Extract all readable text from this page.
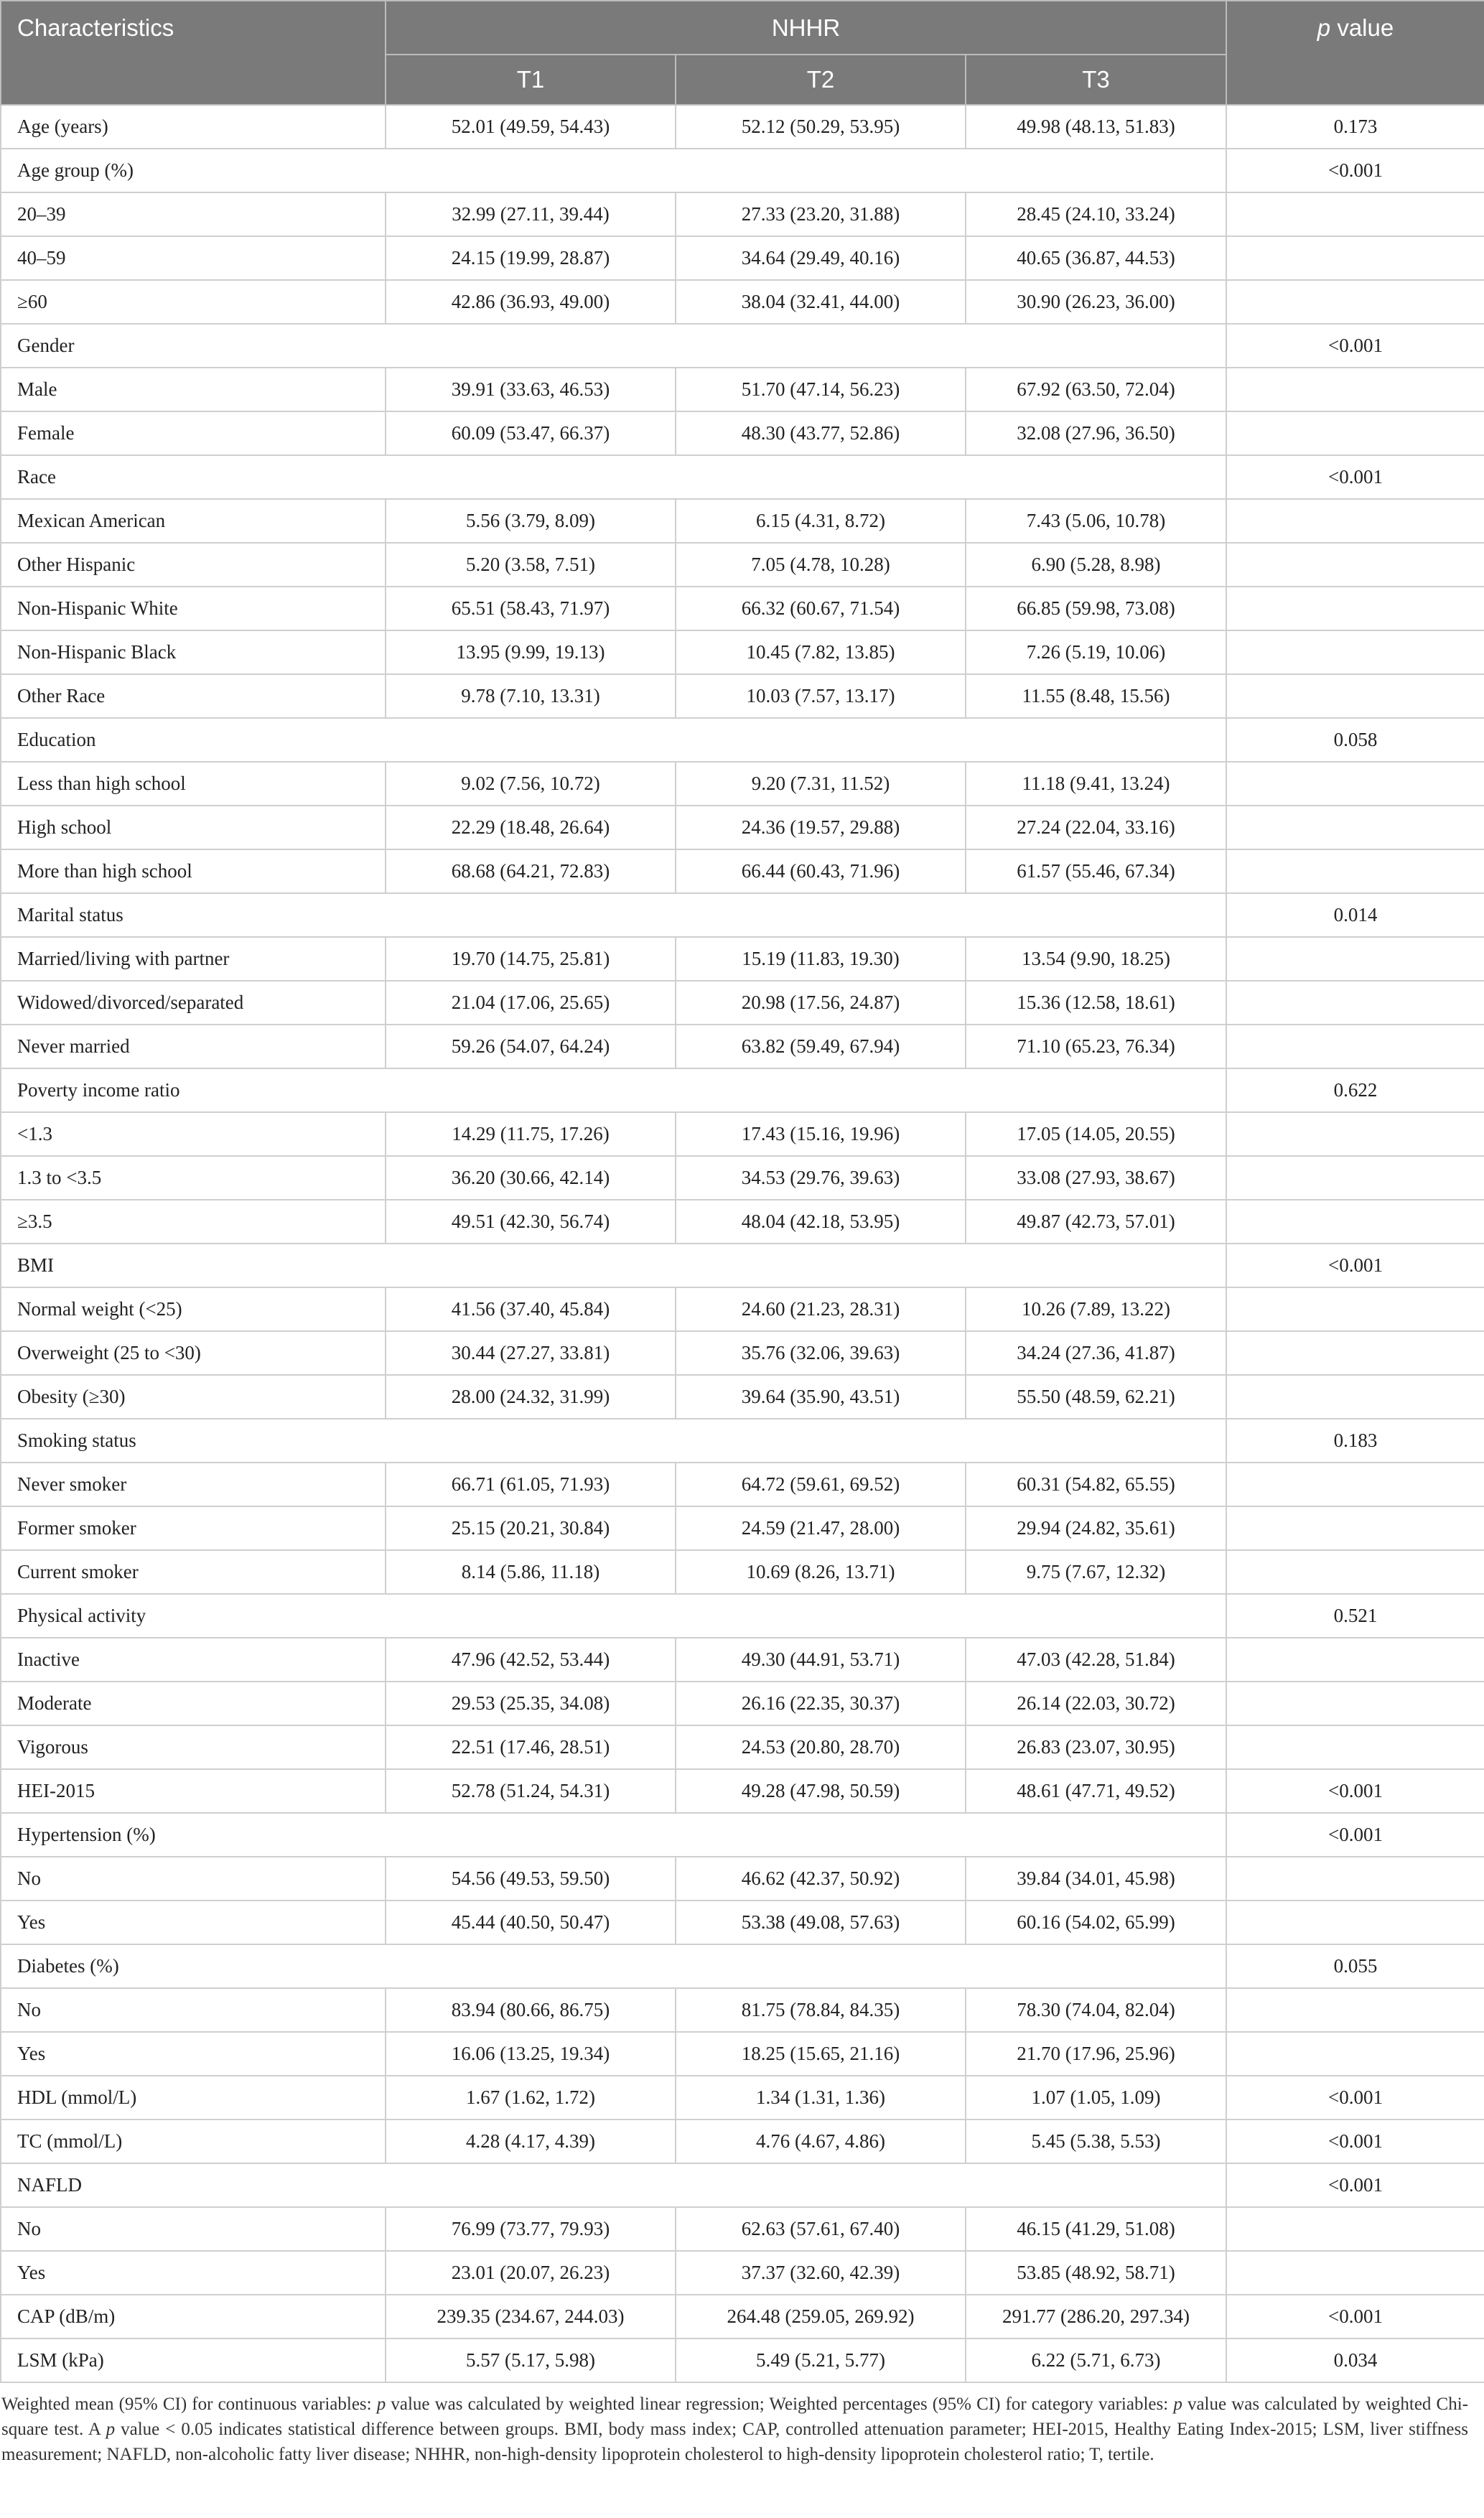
Characteristics	NHHR			p value
	T1	T2	T3	
Age (years)	52.01 (49.59, 54.43)	52.12 (50.29, 53.95)	49.98 (48.13, 51.83)	0.173
Age group (%)				<0.001
20–39	32.99 (27.11, 39.44)	27.33 (23.20, 31.88)	28.45 (24.10, 33.24)	
40–59	24.15 (19.99, 28.87)	34.64 (29.49, 40.16)	40.65 (36.87, 44.53)	
≥60	42.86 (36.93, 49.00)	38.04 (32.41, 44.00)	30.90 (26.23, 36.00)	
Gender				<0.001
Male	39.91 (33.63, 46.53)	51.70 (47.14, 56.23)	67.92 (63.50, 72.04)	
Female	60.09 (53.47, 66.37)	48.30 (43.77, 52.86)	32.08 (27.96, 36.50)	
Race				<0.001
Mexican American	5.56 (3.79, 8.09)	6.15 (4.31, 8.72)	7.43 (5.06, 10.78)	
Other Hispanic	5.20 (3.58, 7.51)	7.05 (4.78, 10.28)	6.90 (5.28, 8.98)	
Non-Hispanic White	65.51 (58.43, 71.97)	66.32 (60.67, 71.54)	66.85 (59.98, 73.08)	
Non-Hispanic Black	13.95 (9.99, 19.13)	10.45 (7.82, 13.85)	7.26 (5.19, 10.06)	
Other Race	9.78 (7.10, 13.31)	10.03 (7.57, 13.17)	11.55 (8.48, 15.56)	
Education				0.058
Less than high school	9.02 (7.56, 10.72)	9.20 (7.31, 11.52)	11.18 (9.41, 13.24)	
High school	22.29 (18.48, 26.64)	24.36 (19.57, 29.88)	27.24 (22.04, 33.16)	
More than high school	68.68 (64.21, 72.83)	66.44 (60.43, 71.96)	61.57 (55.46, 67.34)	
Marital status				0.014
Married/living with partner	19.70 (14.75, 25.81)	15.19 (11.83, 19.30)	13.54 (9.90, 18.25)	
Widowed/divorced/separated	21.04 (17.06, 25.65)	20.98 (17.56, 24.87)	15.36 (12.58, 18.61)	
Never married	59.26 (54.07, 64.24)	63.82 (59.49, 67.94)	71.10 (65.23, 76.34)	
Poverty income ratio				0.622
<1.3	14.29 (11.75, 17.26)	17.43 (15.16, 19.96)	17.05 (14.05, 20.55)	
1.3 to <3.5	36.20 (30.66, 42.14)	34.53 (29.76, 39.63)	33.08 (27.93, 38.67)	
≥3.5	49.51 (42.30, 56.74)	48.04 (42.18, 53.95)	49.87 (42.73, 57.01)	
BMI				<0.001
Normal weight (<25)	41.56 (37.40, 45.84)	24.60 (21.23, 28.31)	10.26 (7.89, 13.22)	
Overweight (25 to <30)	30.44 (27.27, 33.81)	35.76 (32.06, 39.63)	34.24 (27.36, 41.87)	
Obesity (≥30)	28.00 (24.32, 31.99)	39.64 (35.90, 43.51)	55.50 (48.59, 62.21)	
Smoking status				0.183
Never smoker	66.71 (61.05, 71.93)	64.72 (59.61, 69.52)	60.31 (54.82, 65.55)	
Former smoker	25.15 (20.21, 30.84)	24.59 (21.47, 28.00)	29.94 (24.82, 35.61)	
Current smoker	8.14 (5.86, 11.18)	10.69 (8.26, 13.71)	9.75 (7.67, 12.32)	
Physical activity				0.521
Inactive	47.96 (42.52, 53.44)	49.30 (44.91, 53.71)	47.03 (42.28, 51.84)	
Moderate	29.53 (25.35, 34.08)	26.16 (22.35, 30.37)	26.14 (22.03, 30.72)	
Vigorous	22.51 (17.46, 28.51)	24.53 (20.80, 28.70)	26.83 (23.07, 30.95)	
HEI-2015	52.78 (51.24, 54.31)	49.28 (47.98, 50.59)	48.61 (47.71, 49.52)	<0.001
Hypertension (%)				<0.001
No	54.56 (49.53, 59.50)	46.62 (42.37, 50.92)	39.84 (34.01, 45.98)	
Yes	45.44 (40.50, 50.47)	53.38 (49.08, 57.63)	60.16 (54.02, 65.99)	
Diabetes (%)				0.055
No	83.94 (80.66, 86.75)	81.75 (78.84, 84.35)	78.30 (74.04, 82.04)	
Yes	16.06 (13.25, 19.34)	18.25 (15.65, 21.16)	21.70 (17.96, 25.96)	
HDL (mmol/L)	1.67 (1.62, 1.72)	1.34 (1.31, 1.36)	1.07 (1.05, 1.09)	<0.001
TC (mmol/L)	4.28 (4.17, 4.39)	4.76 (4.67, 4.86)	5.45 (5.38, 5.53)	<0.001
NAFLD				<0.001
No	76.99 (73.77, 79.93)	62.63 (57.61, 67.40)	46.15 (41.29, 51.08)	
Yes	23.01 (20.07, 26.23)	37.37 (32.60, 42.39)	53.85 (48.92, 58.71)	
CAP (dB/m)	239.35 (234.67, 244.03)	264.48 (259.05, 269.92)	291.77 (286.20, 297.34)	<0.001
LSM (kPa)	5.57 (5.17, 5.98)	5.49 (5.21, 5.77)	6.22 (5.71, 6.73)	0.034
Weighted mean (95% CI) for continuous variables: p value was calculated by weighted linear regression; Weighted percentages (95% CI) for category variables: p value was calculated by weighted Chi-square test. A p value < 0.05 indicates statistical difference between groups. BMI, body mass index; CAP, controlled attenuation parameter; HEI-2015, Healthy Eating Index-2015; LSM, liver stiffness measurement; NAFLD, non-alcoholic fatty liver disease; NHHR, non-high-density lipoprotein cholesterol to high-density lipoprotein cholesterol ratio; T, tertile.
